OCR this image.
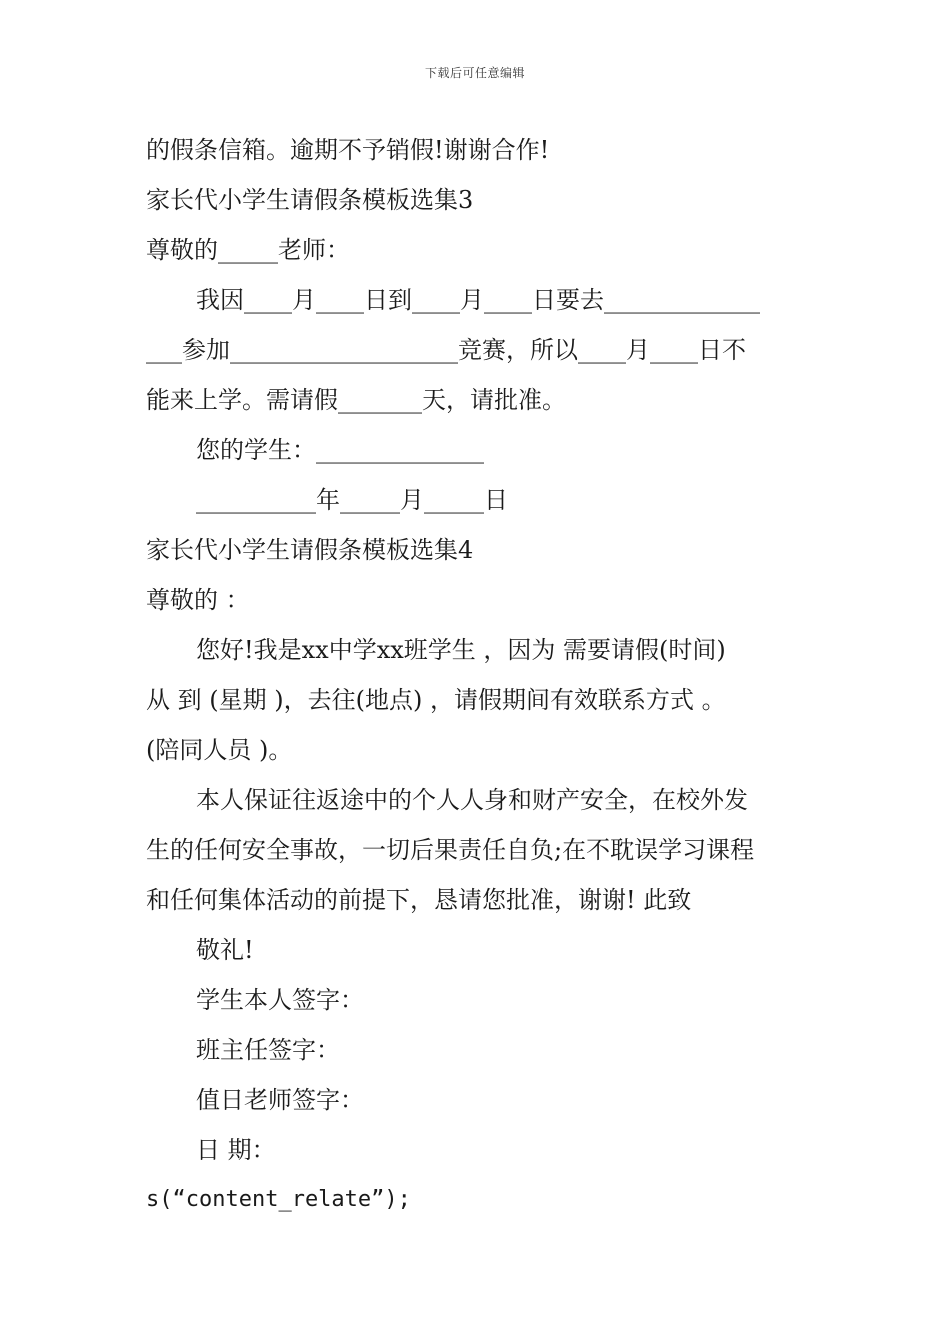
下载后可任意编辑
的假条信箱。逾期不予销假!谢谢合作!
家长代小学生请假条模板选集3
尊敬的_____老师：
我因____月____日到____月____日要去_____________
___参加___________________竞赛，所以____月____日不
能来上学。需请假_______天，请批准。
您的学生：______________
__________年_____月_____日
家长代小学生请假条模板选集4
尊敬的 ：
您好!我是xx中学xx班学生 ，因为 需要请假(时间)
从 到 (星期 )，去往(地点) ，请假期间有效联系方式 。
(陪同人员 )。
本人保证往返途中的个人人身和财产安全，在校外发
生的任何安全事故，一切后果责任自负;在不耽误学习课程
和任何集体活动的前提下，恳请您批准，谢谢! 此致
敬礼!
学生本人签字：
班主任签字：
值日老师签字：
日 期：
s(“content_relate”);
